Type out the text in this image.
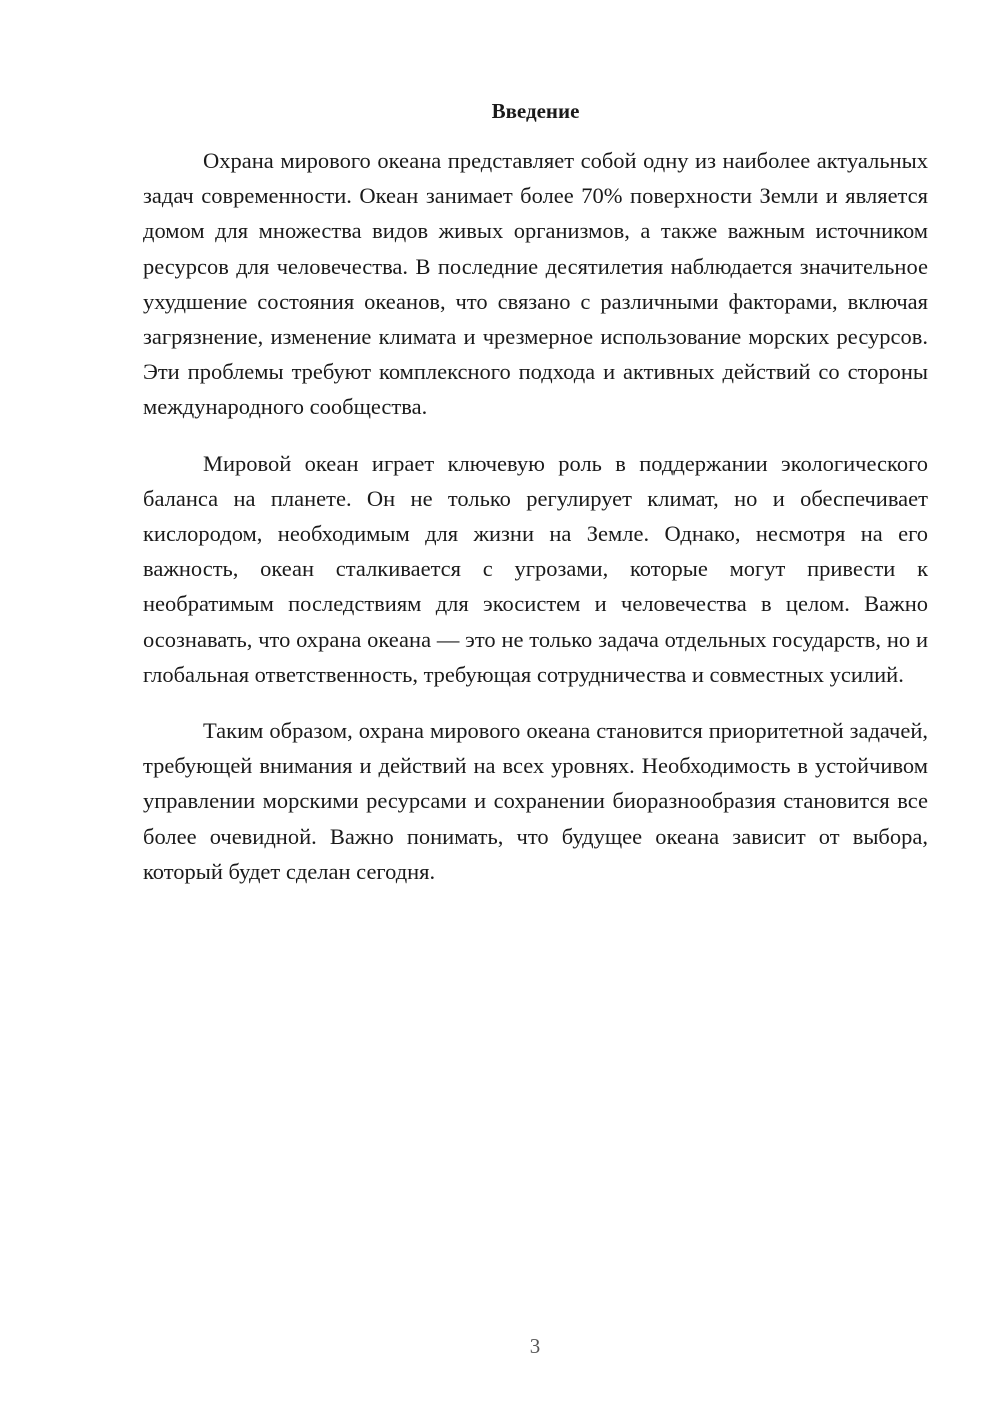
Введение

Охрана мирового океана представляет собой одну из наиболее актуальных задач современности. Океан занимает более 70% поверхности Земли и является домом для множества видов живых организмов, а также важным источником ресурсов для человечества. В последние десятилетия наблюдается значительное ухудшение состояния океанов, что связано с различными факторами, включая загрязнение, изменение климата и чрезмерное использование морских ресурсов. Эти проблемы требуют комплексного подхода и активных действий со стороны международного сообщества.

Мировой океан играет ключевую роль в поддержании экологического баланса на планете. Он не только регулирует климат, но и обеспечивает кислородом, необходимым для жизни на Земле. Однако, несмотря на его важность, океан сталкивается с угрозами, которые могут привести к необратимым последствиям для экосистем и человечества в целом. Важно осознавать, что охрана океана — это не только задача отдельных государств, но и глобальная ответственность, требующая сотрудничества и совместных усилий.

Таким образом, охрана мирового океана становится приоритетной задачей, требующей внимания и действий на всех уровнях. Необходимость в устойчивом управлении морскими ресурсами и сохранении биоразнообразия становится все более очевидной. Важно понимать, что будущее океана зависит от выбора, который будет сделан сегодня.

3
